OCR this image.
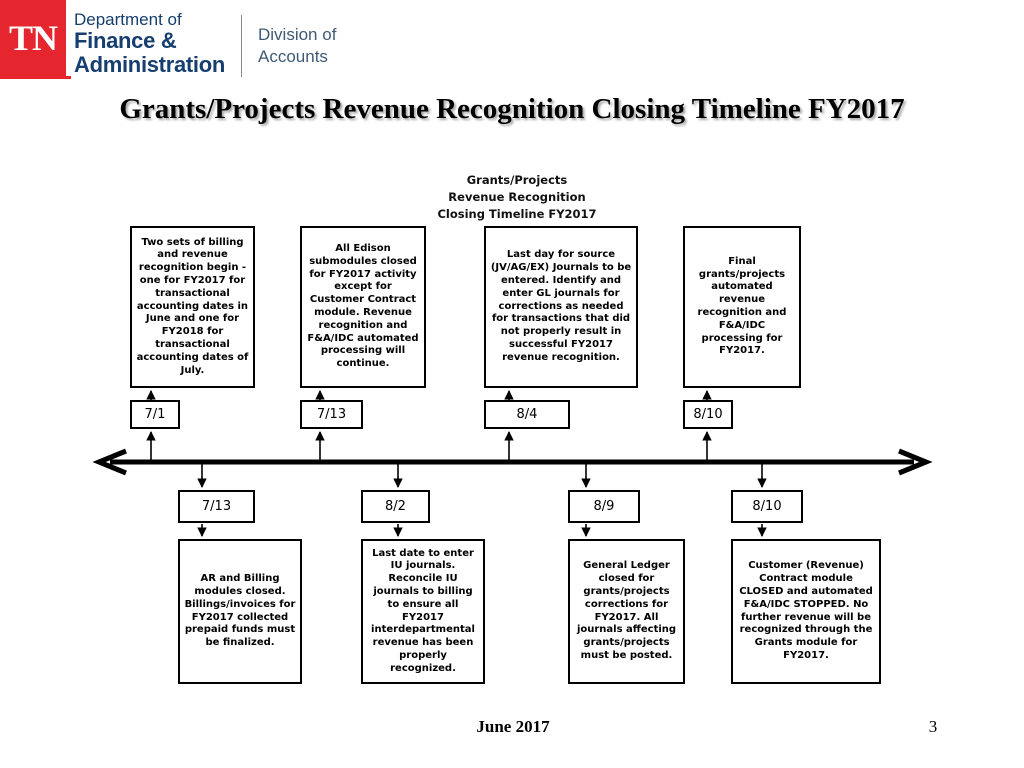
TN	Department of
Finance &
Administration
Division of
Accounts
Grants/Projects Revenue Recognition Closing Timeline FY2017
Grants/Projects
Revenue Recognition
Closing Timeline FY2017
Two sets of billing and revenue recognition begin - one for FY2017 for transactional accounting dates in June and one for FY2018 for transactional accounting dates of July.
All Edison submodules closed for FY2017 activity except for Customer Contract module. Revenue recognition and F&A/IDC automated processing will continue.
Last day for source (JV/AG/EX) Journals to be entered. Identify and enter GL journals for corrections as needed for transactions that did not properly result in successful FY2017 revenue recognition.
Final grants/projects automated revenue recognition and F&A/IDC processing for FY2017.
7/1	7/13	8/4	8/10
7/13	8/2	8/9	8/10
AR and Billing modules closed. Billings/invoices for FY2017 collected prepaid funds must be finalized.
Last date to enter IU journals. Reconcile IU journals to billing to ensure all FY2017 interdepartmental revenue has been properly recognized.
General Ledger closed for grants/projects corrections for FY2017. All journals affecting grants/projects must be posted.
Customer (Revenue) Contract module CLOSED and automated F&A/IDC STOPPED. No further revenue will be recognized through the Grants module for FY2017.
June 2017	3
